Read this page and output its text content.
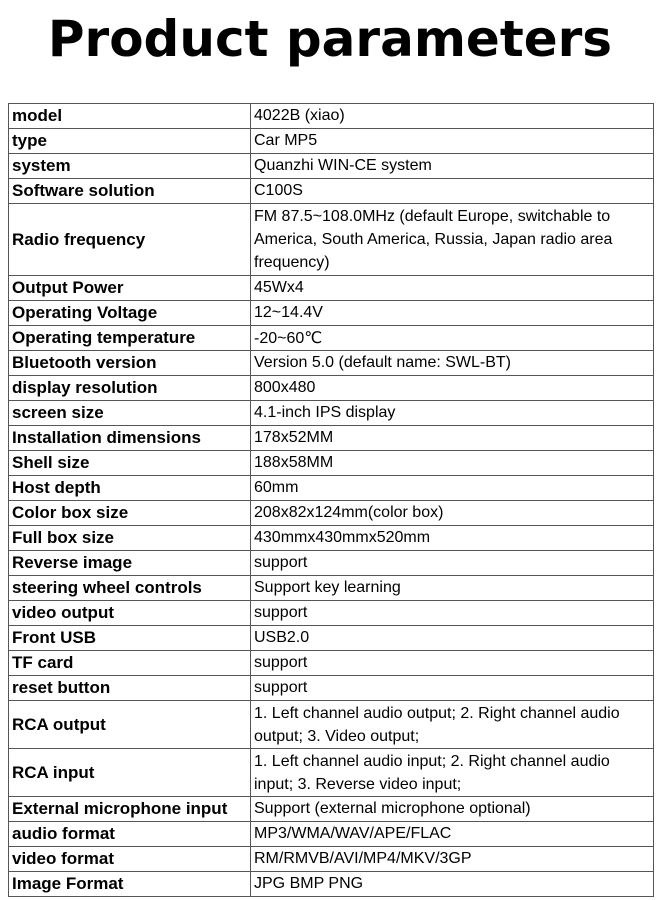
Product parameters
model	4022B (xiao)
type	Car MP5
system	Quanzhi WIN-CE system
Software solution	C100S
Radio frequency	FM 87.5~108.0MHz (default Europe, switchable to America, South America, Russia, Japan radio area frequency)
Output Power	45Wx4
Operating Voltage	12~14.4V
Operating temperature	-20~60℃
Bluetooth version	Version 5.0 (default name: SWL-BT)
display resolution	800x480
screen size	4.1-inch IPS display
Installation dimensions	178x52MM
Shell size	188x58MM
Host depth	60mm
Color box size	208x82x124mm(color box)
Full box size	430mmx430mmx520mm
Reverse image	support
steering wheel controls	Support key learning
video output	support
Front USB	USB2.0
TF card	support
reset button	support
RCA output	1. Left channel audio output; 2. Right channel audio output; 3. Video output;
RCA input	1. Left channel audio input; 2. Right channel audio input; 3. Reverse video input;
External microphone input	Support (external microphone optional)
audio format	MP3/WMA/WAV/APE/FLAC
video format	RM/RMVB/AVI/MP4/MKV/3GP
Image Format	JPG BMP PNG
